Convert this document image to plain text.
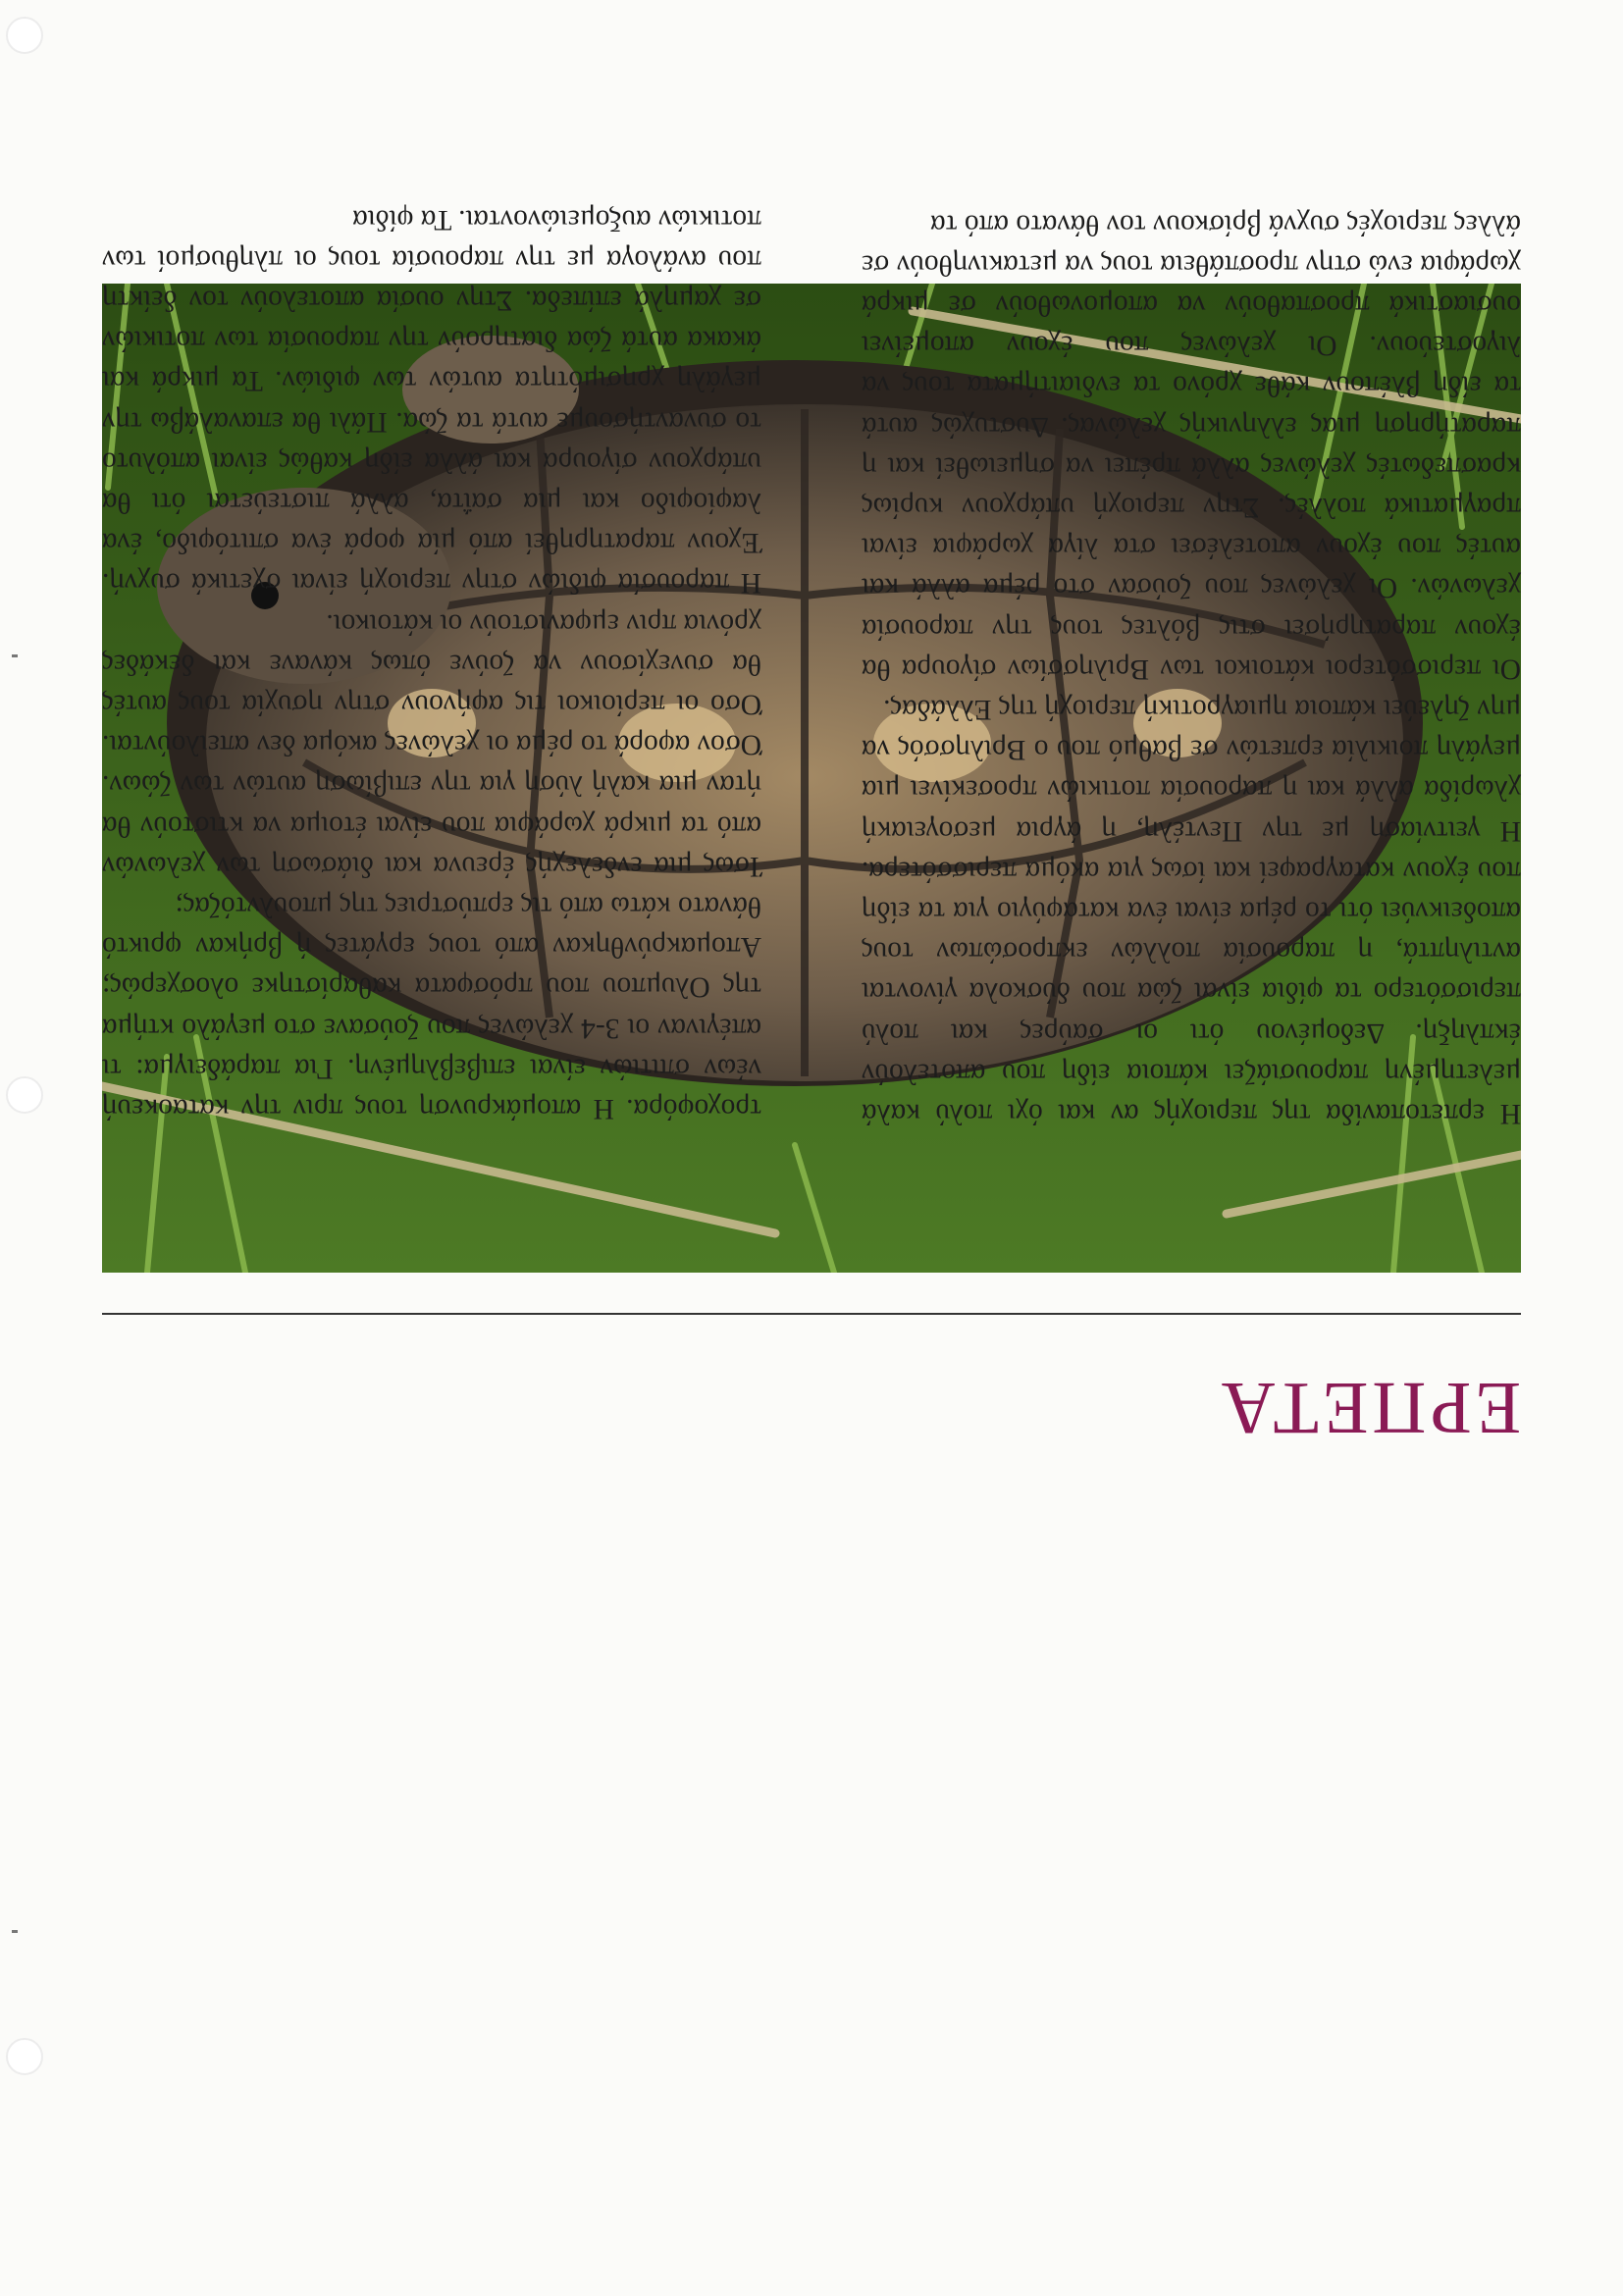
ΕΡΠΕΤΑ

Η ερπετοπανίδα της περιοχής αν και όχι πολύ καλά μελετημένη παρουσιάζει κάποια είδη που αποτελούν έκπληξη. Δεδομένου ότι οι σαύρες και πολύ περισσότερο τα φίδια είναι ζώα που δύσκολα γίνονται αντιληπτά, η παρουσία πολλών εκπροσώπων τους αποδεικνύει ότι το ρέμα είναι ένα καταφύγιο για τα είδη που έχουν καταγραφεί και ίσως για ακόμα περισσότερα. Η γειτνίαση με την Πεντέλη, η άγρια μεσογειακή χλωρίδα αλλά και η παρουσία ποτικιών προσεκίνει μια μεγάλη ποικιλία ερπετών σε βαθμό που ο Βριλησσός να μην ζηλεύει κάποια ημιαγροτική περιοχή της Ελλάδας.

Οι περισσότεροι κάτοικοι των Βριλησσίων σίγουρα θα έχουν παρατηρήσει στις βόλτες τους την παρουσία χελωνών. Οι χελώνες που ζούσαν στο ρέμα αλλά και αυτές που έχουν αποτελέσει στα λίγα χωράφια είναι πραγματικά πολλές. Στην περιοχή υπάρχουν κυρίως κρασπεδωτές χελώνες αλλά πρέπει να σημειωθεί και η παρατήρηση μιας ελληνικής χελώνας. Δυστυχώς αυτά τα είδη βλέπουν κάθε χρόνο τα ενδιαιτήματα τους να λιγοστεύουν. Οι χελώνες που έχουν απομείνει ουσιαστικά προσπαθούν να απομονωθούν σε μικρά χωράφια ενώ στην προσπάθεια τους να μετακινηθούν σε άλλες περιοχές συχνά βρίσκουν τον θάνατο από τα

τροχοφόρα. Η απομάκρυνση τους πριν την καταοκευή νέων σπιτιών είναι επιβεβλημένη. Για παράδειγμα: τι απέγιναν οι 3-4 χελώνες που ζούσανε στο μεγάλο κτήμα της Ολυμπου που πρόσφατα καθαρίστηκε ολοσχερώς; Απομακρύνθηκαν από τους εργάτες ή βρήκαν φρικτό θάνατο κάτω από τις ερπύστριες της μπουλντόζας;

Ίσως μια ενδελεχής έρευνα και διάσωση των χελωνών από τα μικρά χωράφια που είναι έτοιμα να κτιστούν θα ήταν μια καλή λύση για την επιβίωση αυτών των ζώων. Όσον αφορά το ρέμα οι χελώνες ακόμα δεν απειλούνται. Όσο οι περίοικοι τις αφήνουν στην ησυχία τους αυτές θα συνεχίσουν να ζούνε όπως κάνανε και δεκάδες χρόνια πριν εμφανιστούν οι κάτοικοι.

Η παρουσία φιδιών στην περιοχή είναι σχετικά συχνή. Έχουν παρατηρηθεί από μία φορά ένα σπιτόφιδο, ένα λαφίοφιδο και μια σαΐτα, αλλά πιστεύεται ότι θα υπάρχουν σίγουρα και άλλα είδη καθώς είναι απόλυτο το συναντήσουμε αυτά τα ζώα. Πάλι θα επαναλάβω την μεγάλη χρησιμότητα αυτών των φιδιών. Τα μικρά και άκακα αυτά ζώα διατηρούν την παρουσία των ποτικιών σε χαμηλά επίπεδα. Στην ουσία αποτελούν τον δείκτη που ανάλογα με την παρουσία τους οι πληθυσμοί των ποτικιών αυξομειώνονται. Τα φίδια
